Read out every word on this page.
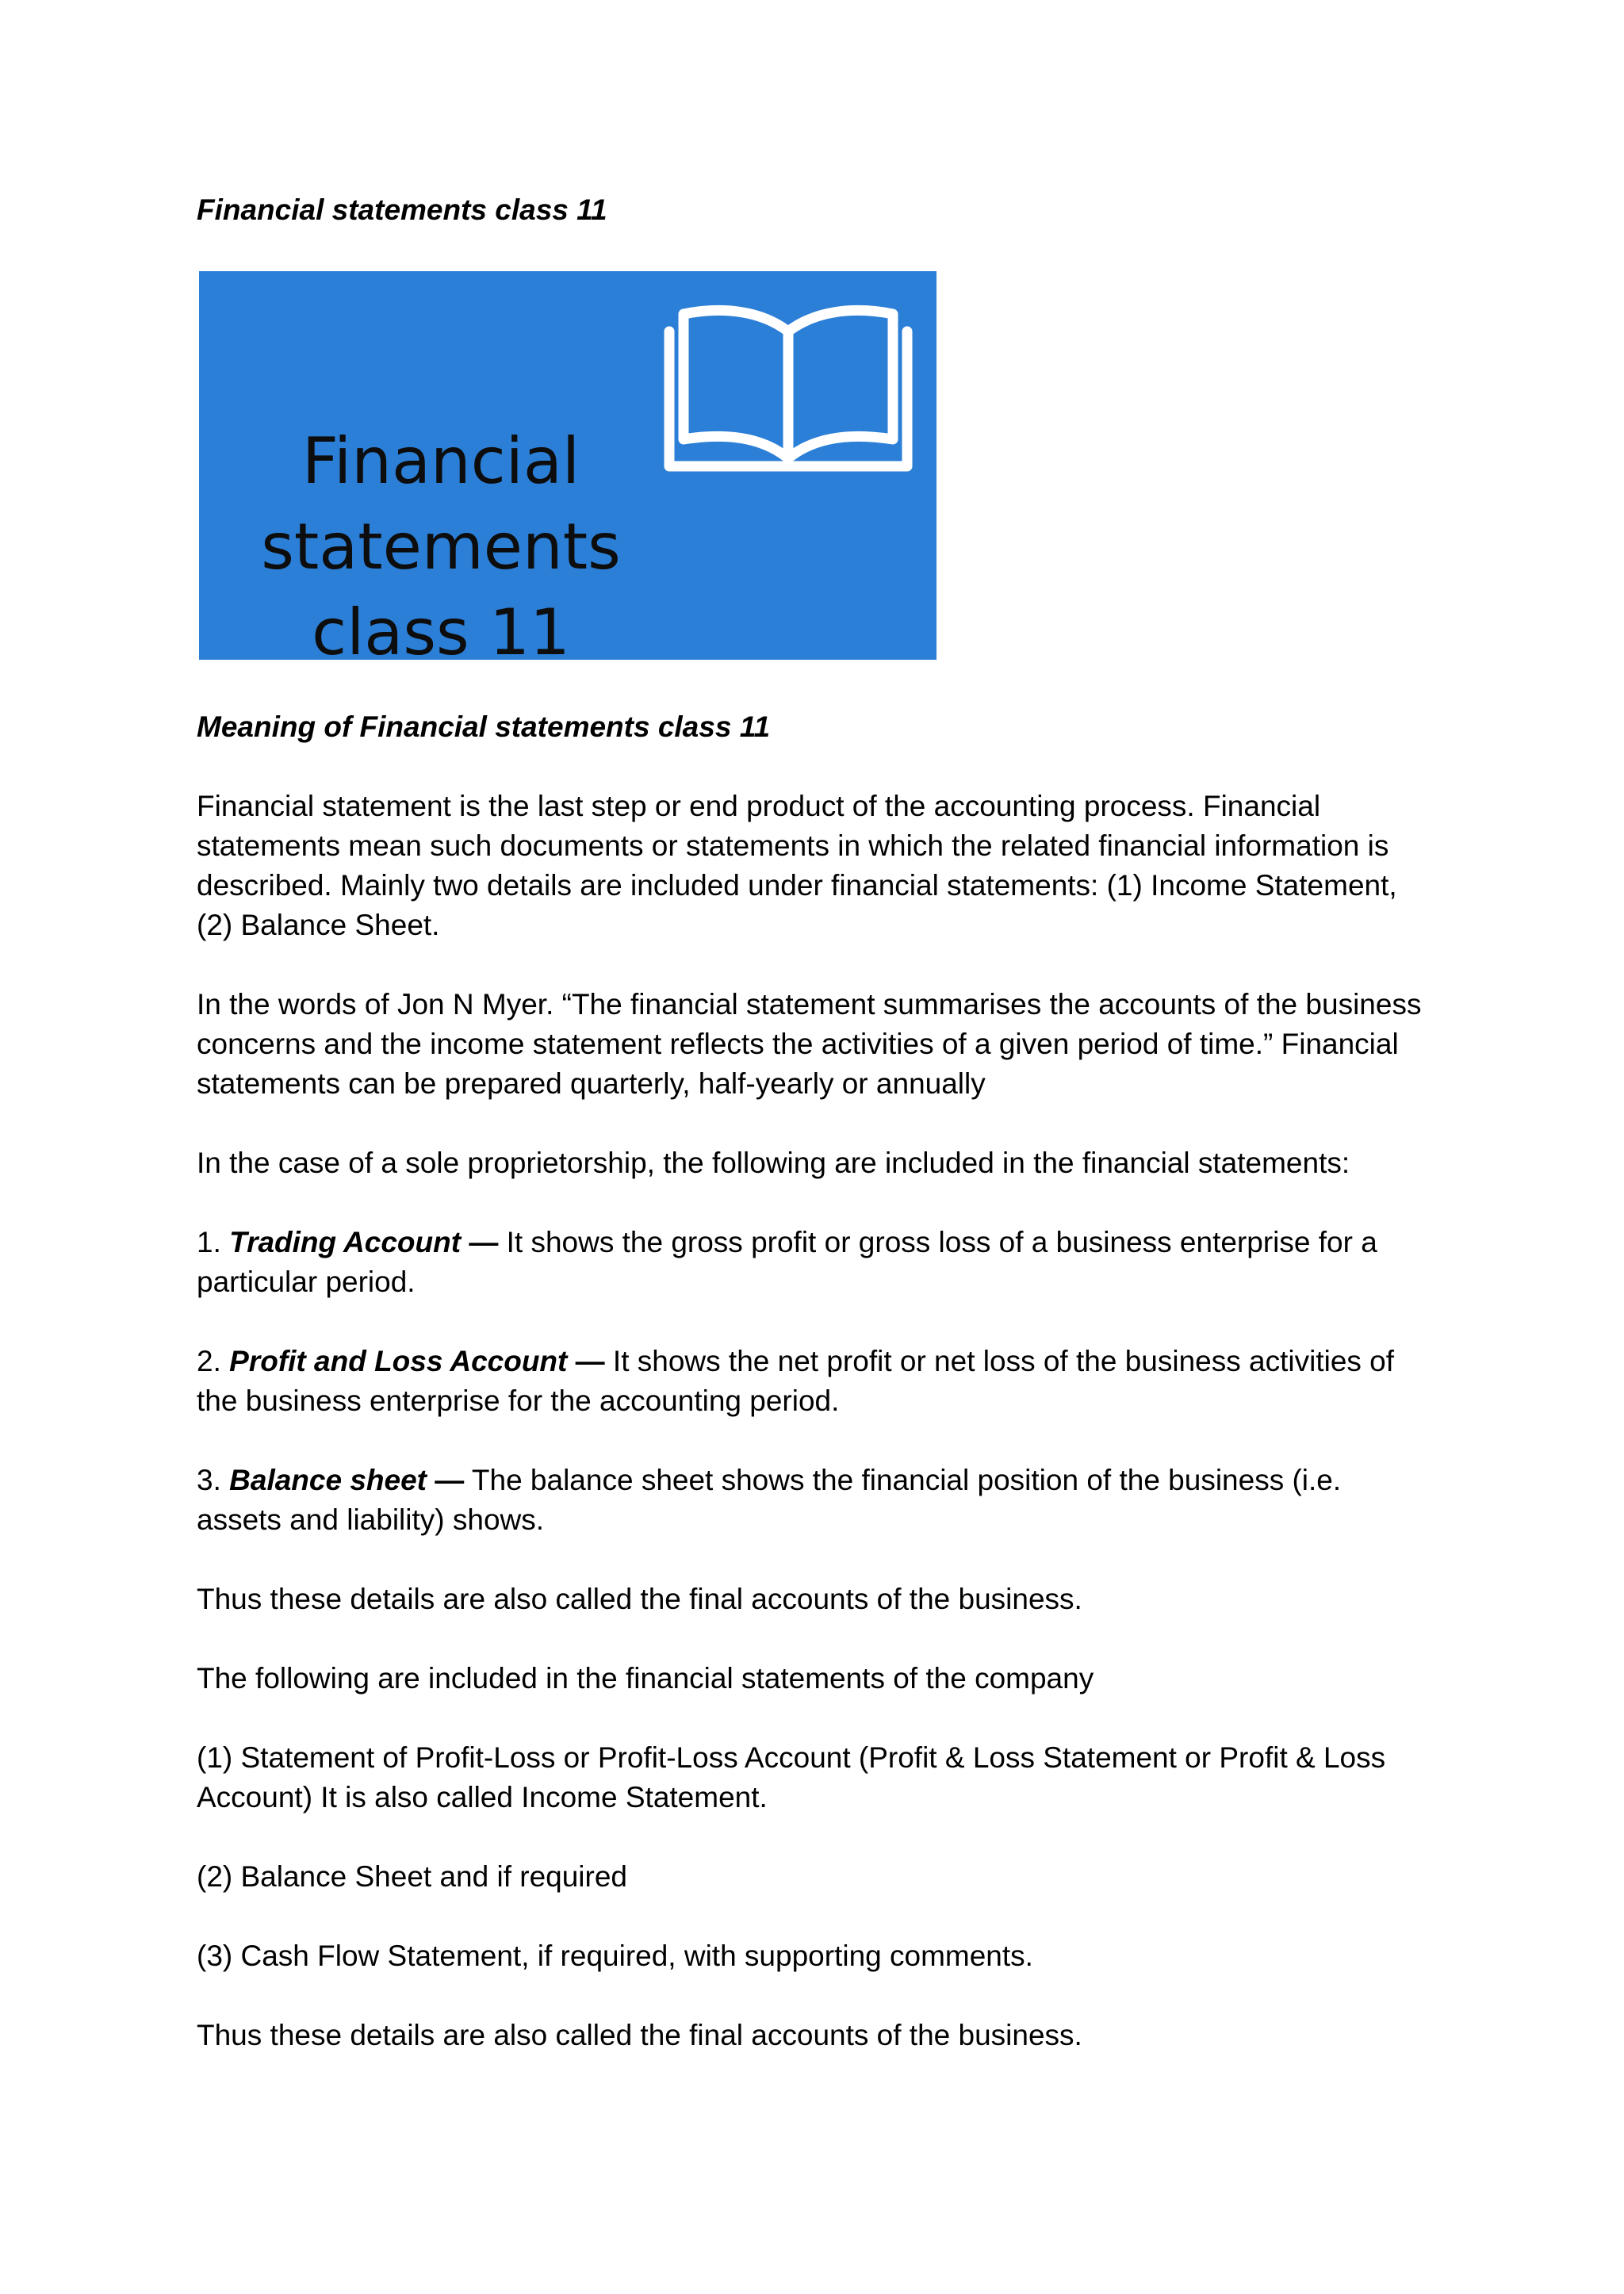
Financial statements class 11
Financial statements class 11
Meaning of Financial statements class 11

Financial statement is the last step or end product of the accounting process. Financial statements mean such documents or statements in which the related financial information is described. Mainly two details are included under financial statements: (1) Income Statement, (2) Balance Sheet.

In the words of Jon N Myer. “The financial statement summarises the accounts of the business concerns and the income statement reflects the activities of a given period of time.” Financial statements can be prepared quarterly, half-yearly or annually

In the case of a sole proprietorship, the following are included in the financial statements:

1. Trading Account — It shows the gross profit or gross loss of a business enterprise for a particular period.

2. Profit and Loss Account — It shows the net profit or net loss of the business activities of the business enterprise for the accounting period.

3. Balance sheet — The balance sheet shows the financial position of the business (i.e. assets and liability) shows.

Thus these details are also called the final accounts of the business.

The following are included in the financial statements of the company

(1) Statement of Profit-Loss or Profit-Loss Account (Profit & Loss Statement or Profit & Loss Account) It is also called Income Statement.

(2) Balance Sheet and if required

(3) Cash Flow Statement, if required, with supporting comments.

Thus these details are also called the final accounts of the business.
